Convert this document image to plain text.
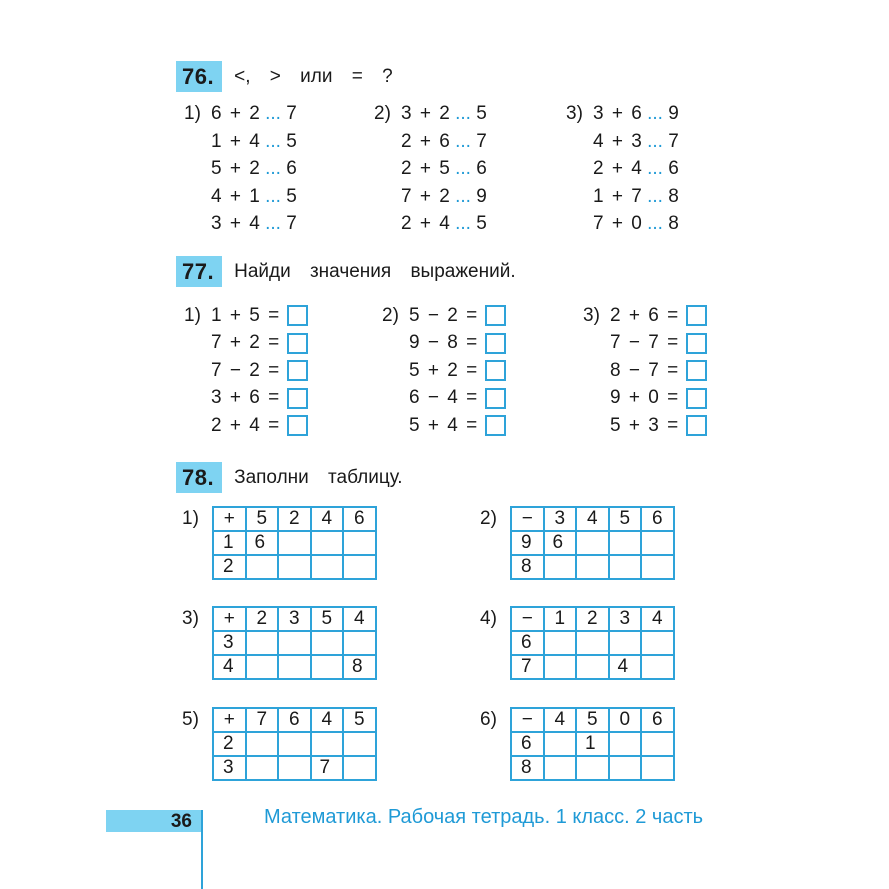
76.	<, > или = ?
1) 6 + 2 ... 7
1 + 4 ... 5
5 + 2 ... 6
4 + 1 ... 5
3 + 4 ... 7
2) 3 + 2 ... 5
2 + 6 ... 7
2 + 5 ... 6
7 + 2 ... 9
2 + 4 ... 5
3) 3 + 6 ... 9
4 + 3 ... 7
2 + 4 ... 6
1 + 7 ... 8
7 + 0 ... 8
77.	Найди значения выражений.
1) 1 + 5 =
7 + 2 =
7 − 2 =
3 + 6 =
2 + 4 =
2) 5 − 2 =
9 − 8 =
5 + 2 =
6 − 4 =
5 + 4 =
3) 2 + 6 =
7 − 7 =
8 − 7 =
9 + 0 =
5 + 3 =
78.	Заполни таблицу.
1)	+	5	2	4	6
1	6			
2				
2)	−	3	4	5	6
9	6			
8				
3)	+	2	3	5	4
3				
4				8
4)	−	1	2	3	4
6				
7			4	
5)	+	7	6	4	5
2				
3			7	
6)	−	4	5	0	6
6		1		
8				
36	Математика. Рабочая тетрадь. 1 класс. 2 часть
